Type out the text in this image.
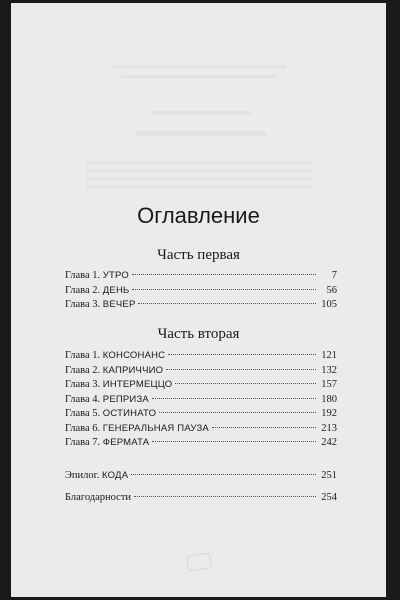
Оглавление
Часть первая
Глава 1. УТРО	7
Глава 2. ДЕНЬ	56
Глава 3. ВЕЧЕР	105
Часть вторая
Глава 1. КОНСОНАНС	121
Глава 2. КАПРИЧЧИО	132
Глава 3. ИНТЕРМЕЦЦО	157
Глава 4. РЕПРИЗА	180
Глава 5. ОСТИНАТО	192
Глава 6. ГЕНЕРАЛЬНАЯ ПАУЗА	213
Глава 7. ФЕРМАТА	242
Эпилог. КОДА	251
Благодарности	254
